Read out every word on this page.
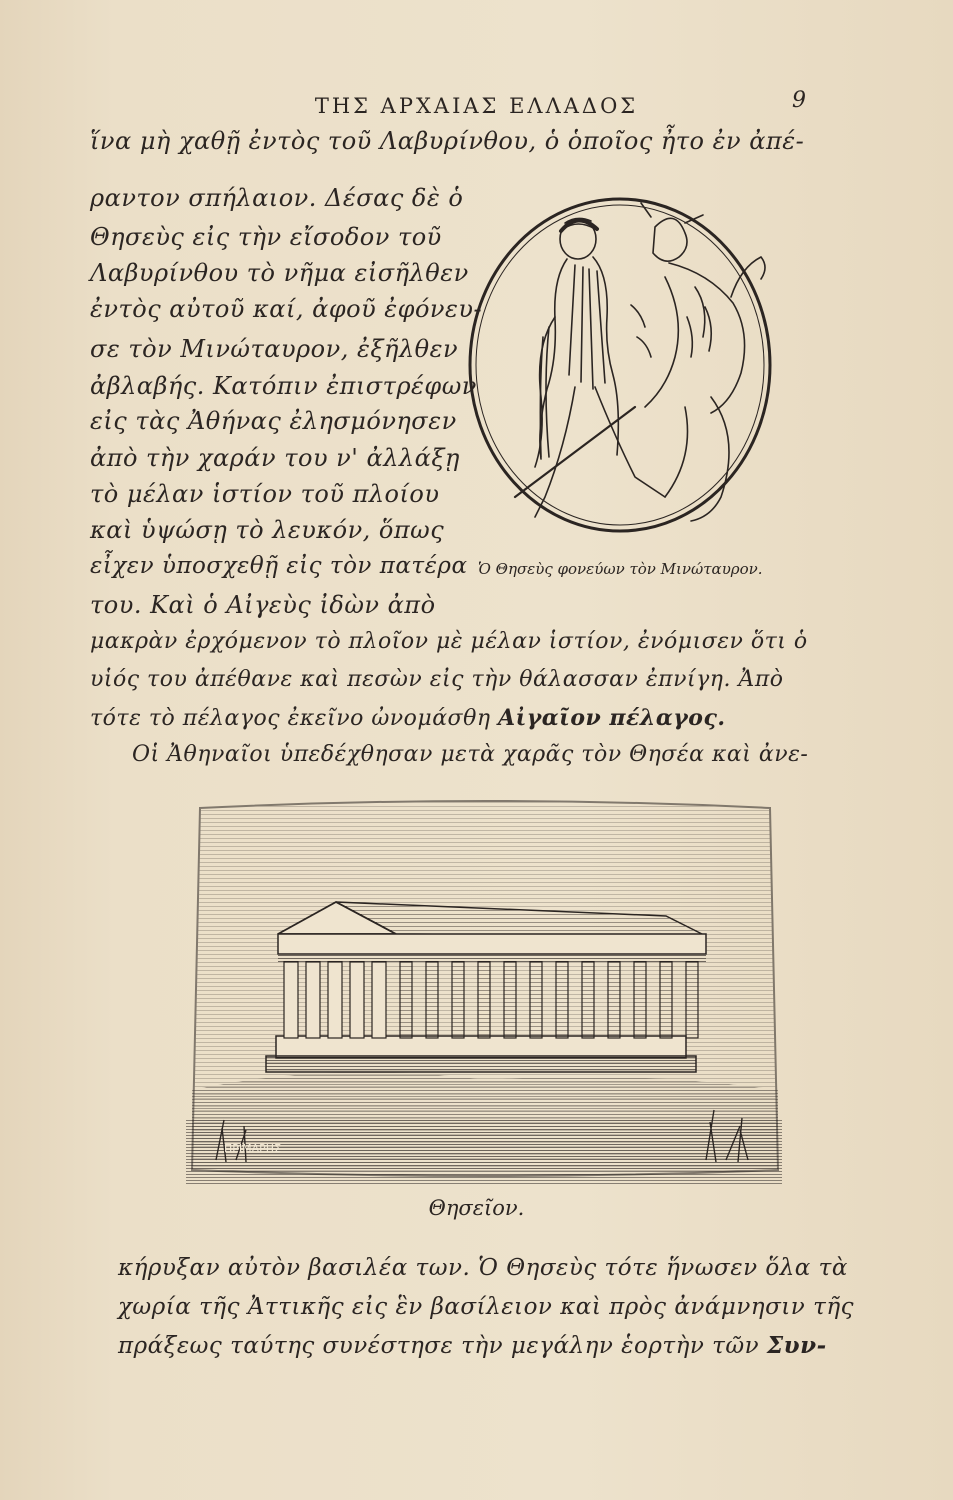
ΤΗΣ ΑΡΧΑΙΑΣ ΕΛΛΑΔΟΣ	9
ἵνα μὴ χαθῇ ἐντὸς τοῦ Λαβυρίνθου, ὁ ὁποῖος ἦτο ἐν ἀπέ-
ραντον σπήλαιον. Δέσας δὲ ὁ
Θησεὺς εἰς τὴν εἴσοδον τοῦ
Λαβυρίνθου τὸ νῆμα εἰσῆλθεν
ἐντὸς αὐτοῦ καί, ἀφοῦ ἐφόνευ-
σε τὸν Μινώταυρον, ἐξῆλθεν
ἀβλαβής. Κατόπιν ἐπιστρέφων
εἰς τὰς Ἀθήνας ἐλησμόνησεν
ἀπὸ τὴν χαράν του ν' ἀλλάξῃ
τὸ μέλαν ἱστίον τοῦ πλοίου
καὶ ὑψώσῃ τὸ λευκόν, ὅπως
εἶχεν ὑποσχεθῇ εἰς τὸν πατέρα
του. Καὶ ὁ Αἰγεὺς ἰδὼν ἀπὸ
μακρὰν ἐρχόμενον τὸ πλοῖον μὲ μέλαν ἱστίον, ἐνόμισεν ὅτι ὁ
υἱός του ἀπέθανε καὶ πεσὼν εἰς τὴν θάλασσαν ἐπνίγη. Ἀπὸ
τότε τὸ πέλαγος ἐκεῖνο ὠνομάσθη Αἰγαῖον πέλαγος.
Οἱ Ἀθηναῖοι ὑπεδέχθησαν μετὰ χαρᾶς τὸν Θησέα καὶ ἀνε-
Ὁ Θησεὺς φονεύων τὸν Μινώταυρον.
ΠΡΙΜΑΡΗΣ
Θησεῖον.
κήρυξαν αὐτὸν βασιλέα των. Ὁ Θησεὺς τότε ἥνωσεν ὅλα τὰ
χωρία τῆς Ἀττικῆς εἰς ἓν βασίλειον καὶ πρὸς ἀνάμνησιν τῆς
πράξεως ταύτης συνέστησε τὴν μεγάλην ἑορτὴν τῶν Συν-
